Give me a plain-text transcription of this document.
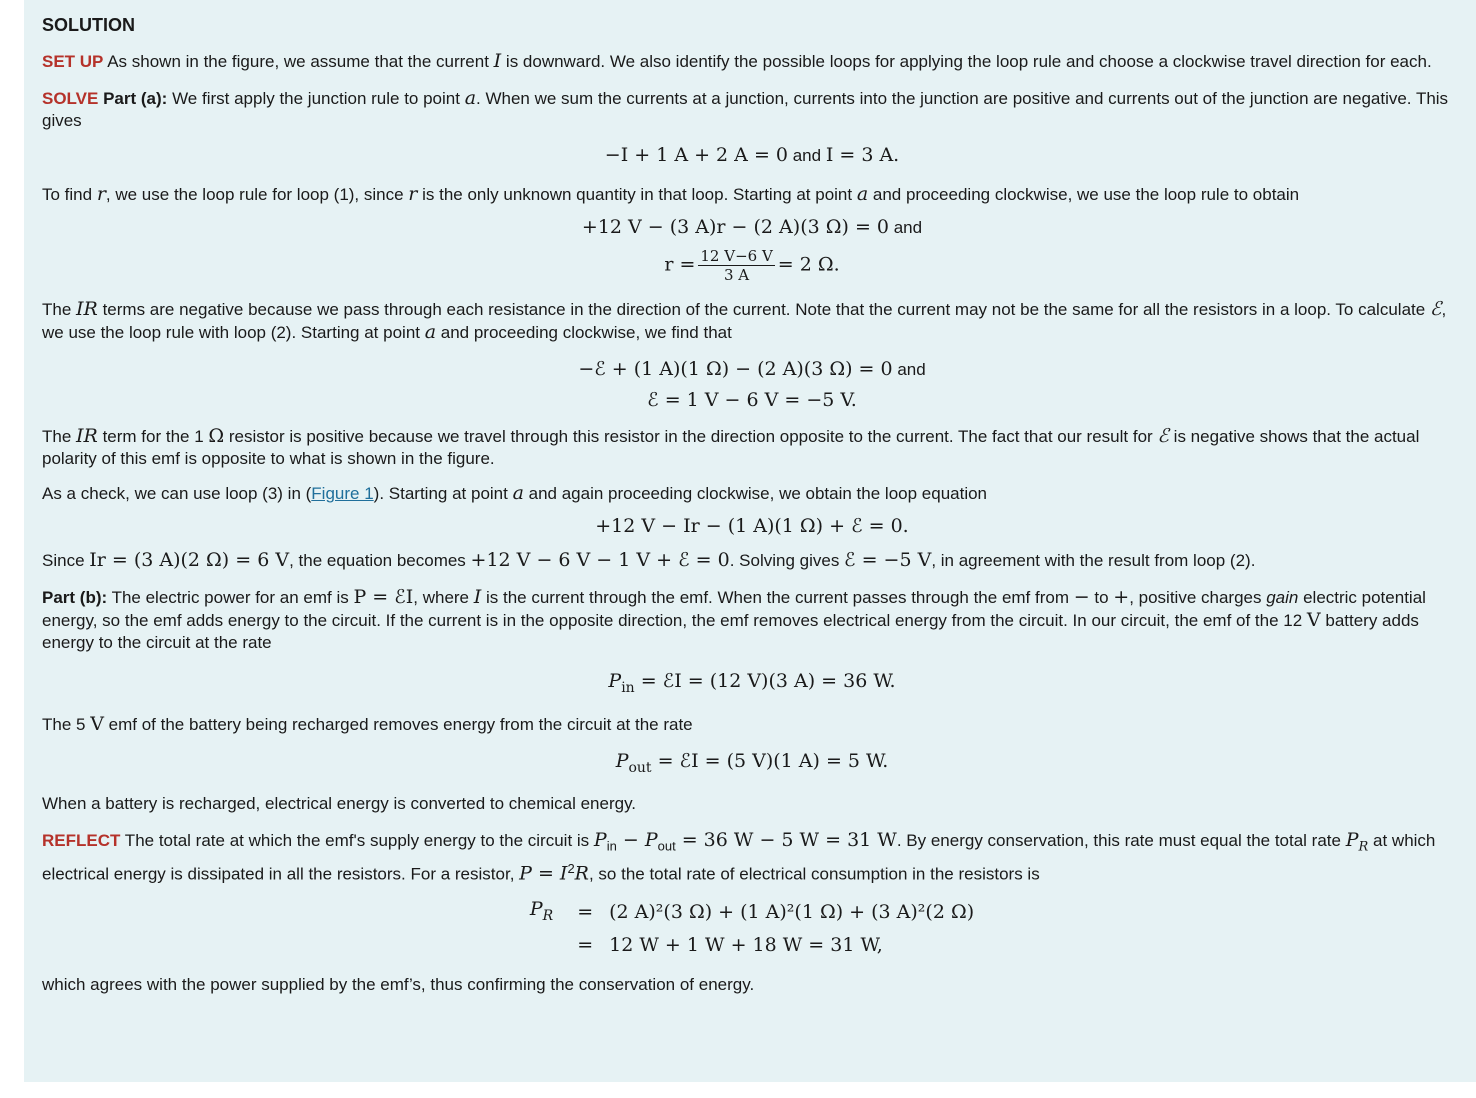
SOLUTION

SET UP As shown in the figure, we assume that the current I is downward. We also identify the possible loops for applying the loop rule and choose a clockwise travel direction for each.

SOLVE Part (a): We first apply the junction rule to point a. When we sum the currents at a junction, currents into the junction are positive and currents out of the junction are negative. This gives

−I + 1 A + 2 A = 0 and I = 3 A.

To find r, we use the loop rule for loop (1), since r is the only unknown quantity in that loop. Starting at point a and proceeding clockwise, we use the loop rule to obtain

+12 V − (3 A)r − (2 A)(3 Ω) = 0 and
$r = \frac{12 V-6 V}{3 A} = 2$ Ω.

The IR terms are negative because we pass through each resistance in the direction of the current. Note that the current may not be the same for all the resistors in a loop. To calculate ℰ, we use the loop rule with loop (2). Starting at point a and proceeding clockwise, we find that

−ℰ + (1 A)(1 Ω) − (2 A)(3 Ω) = 0 and
ℰ = 1 V − 6 V = −5 V.

The IR term for the 1 Ω resistor is positive because we travel through this resistor in the direction opposite to the current. The fact that our result for ℰ is negative shows that the actual polarity of this emf is opposite to what is shown in the figure.

As a check, we can use loop (3) in (Figure 1). Starting at point a and again proceeding clockwise, we obtain the loop equation

+12 V − Ir − (1 A)(1 Ω) + ℰ = 0.

Since Ir = (3 A)(2 Ω) = 6 V, the equation becomes +12 V − 6 V − 1 V + ℰ = 0. Solving gives ℰ = −5 V, in agreement with the result from loop (2).

Part (b): The electric power for an emf is P = ℰI, where I is the current through the emf. When the current passes through the emf from − to +, positive charges gain electric potential energy, so the emf adds energy to the circuit. If the current is in the opposite direction, the emf removes electrical energy from the circuit. In our circuit, the emf of the 12 V battery adds energy to the circuit at the rate

$P_{in}$ = ℰI = (12 V)(3 A) = 36 W.

The 5 V emf of the battery being recharged removes energy from the circuit at the rate

$P_{out}$ = ℰI = (5 V)(1 A) = 5 W.

When a battery is recharged, electrical energy is converted to chemical energy.

REFLECT The total rate at which the emf's supply energy to the circuit is $P_{in} - P_{out} = 36$ W − 5 W = 31 W. By energy conservation, this rate must equal the total rate $P_R$ at which electrical energy is dissipated in all the resistors. For a resistor, $P = I^2R$, so the total rate of electrical consumption in the resistors is

$P_R$	=	(2 A)²(3 Ω) + (1 A)²(1 Ω) + (3 A)²(2 Ω)
	=	12 W + 1 W + 18 W = 31 W,

which agrees with the power supplied by the emf’s, thus confirming the conservation of energy.
